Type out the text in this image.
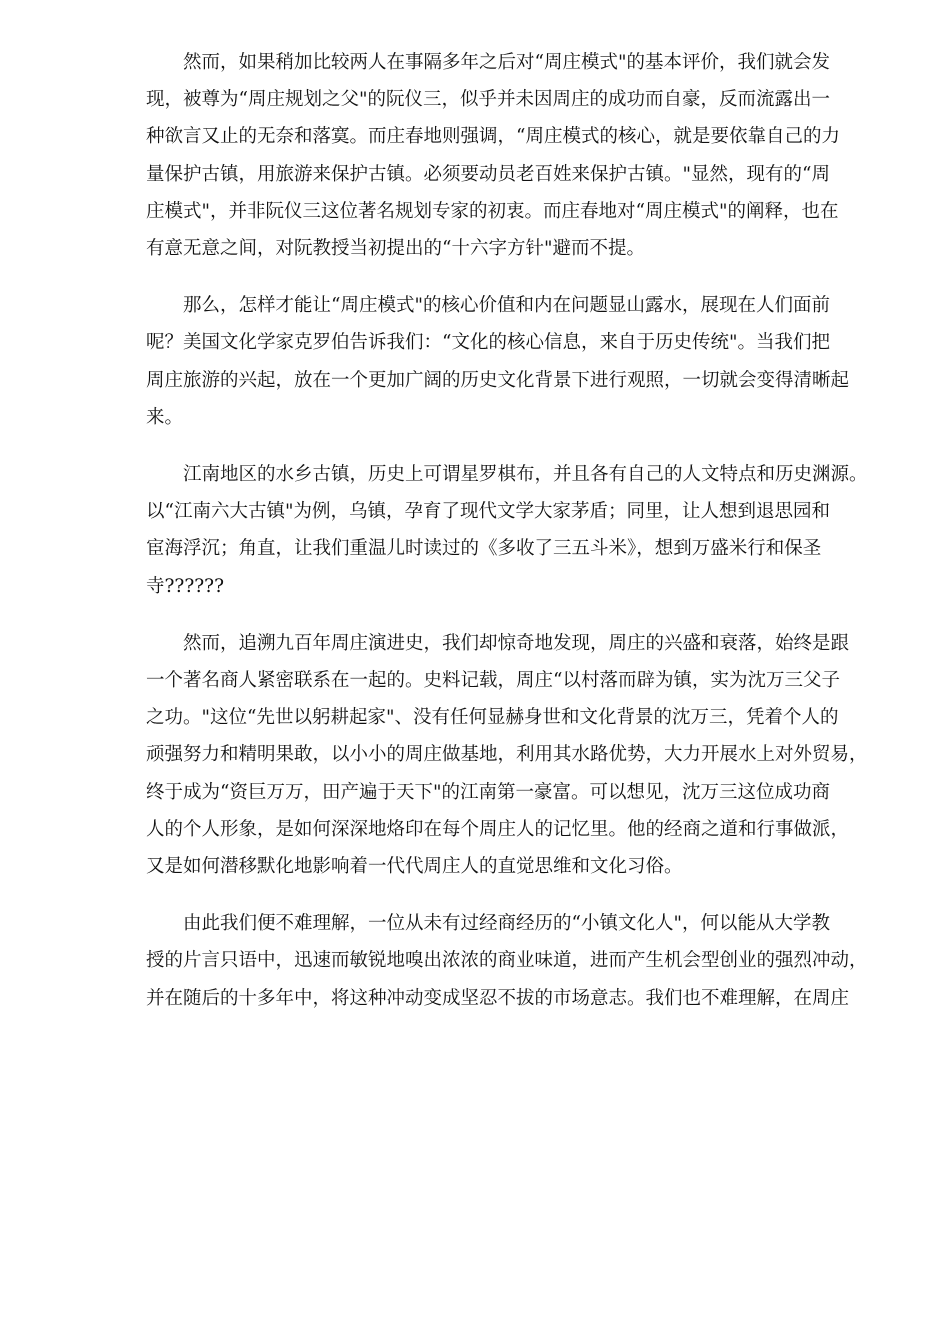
然而，如果稍加比较两人在事隔多年之后对“周庄模式"的基本评价，我们就会发
现，被尊为“周庄规划之父"的阮仪三，似乎并未因周庄的成功而自豪，反而流露出一
种欲言又止的无奈和落寞。而庄春地则强调，“周庄模式的核心，就是要依靠自己的力
量保护古镇，用旅游来保护古镇。必须要动员老百姓来保护古镇。"显然，现有的“周
庄模式"，并非阮仪三这位著名规划专家的初衷。而庄春地对“周庄模式"的阐释，也在
有意无意之间，对阮教授当初提出的“十六字方针"避而不提。

那么，怎样才能让“周庄模式"的核心价值和内在问题显山露水，展现在人们面前
呢？美国文化学家克罗伯告诉我们：“文化的核心信息，来自于历史传统"。当我们把
周庄旅游的兴起，放在一个更加广阔的历史文化背景下进行观照，一切就会变得清晰起
来。

江南地区的水乡古镇，历史上可谓星罗棋布，并且各有自己的人文特点和历史渊源。
以“江南六大古镇"为例，乌镇，孕育了现代文学大家茅盾；同里，让人想到退思园和
宦海浮沉；角直，让我们重温儿时读过的《多收了三五斗米》，想到万盛米行和保圣
寺??????

然而，追溯九百年周庄演进史，我们却惊奇地发现，周庄的兴盛和衰落，始终是跟
一个著名商人紧密联系在一起的。史料记载，周庄“以村落而辟为镇，实为沈万三父子
之功。"这位“先世以躬耕起家"、没有任何显赫身世和文化背景的沈万三，凭着个人的
顽强努力和精明果敢，以小小的周庄做基地，利用其水路优势，大力开展水上对外贸易，
终于成为“资巨万万，田产遍于天下"的江南第一豪富。可以想见，沈万三这位成功商
人的个人形象，是如何深深地烙印在每个周庄人的记忆里。他的经商之道和行事做派，
又是如何潜移默化地影响着一代代周庄人的直觉思维和文化习俗。

由此我们便不难理解，一位从未有过经商经历的“小镇文化人"，何以能从大学教
授的片言只语中，迅速而敏锐地嗅出浓浓的商业味道，进而产生机会型创业的强烈冲动，
并在随后的十多年中，将这种冲动变成坚忍不拔的市场意志。我们也不难理解，在周庄
